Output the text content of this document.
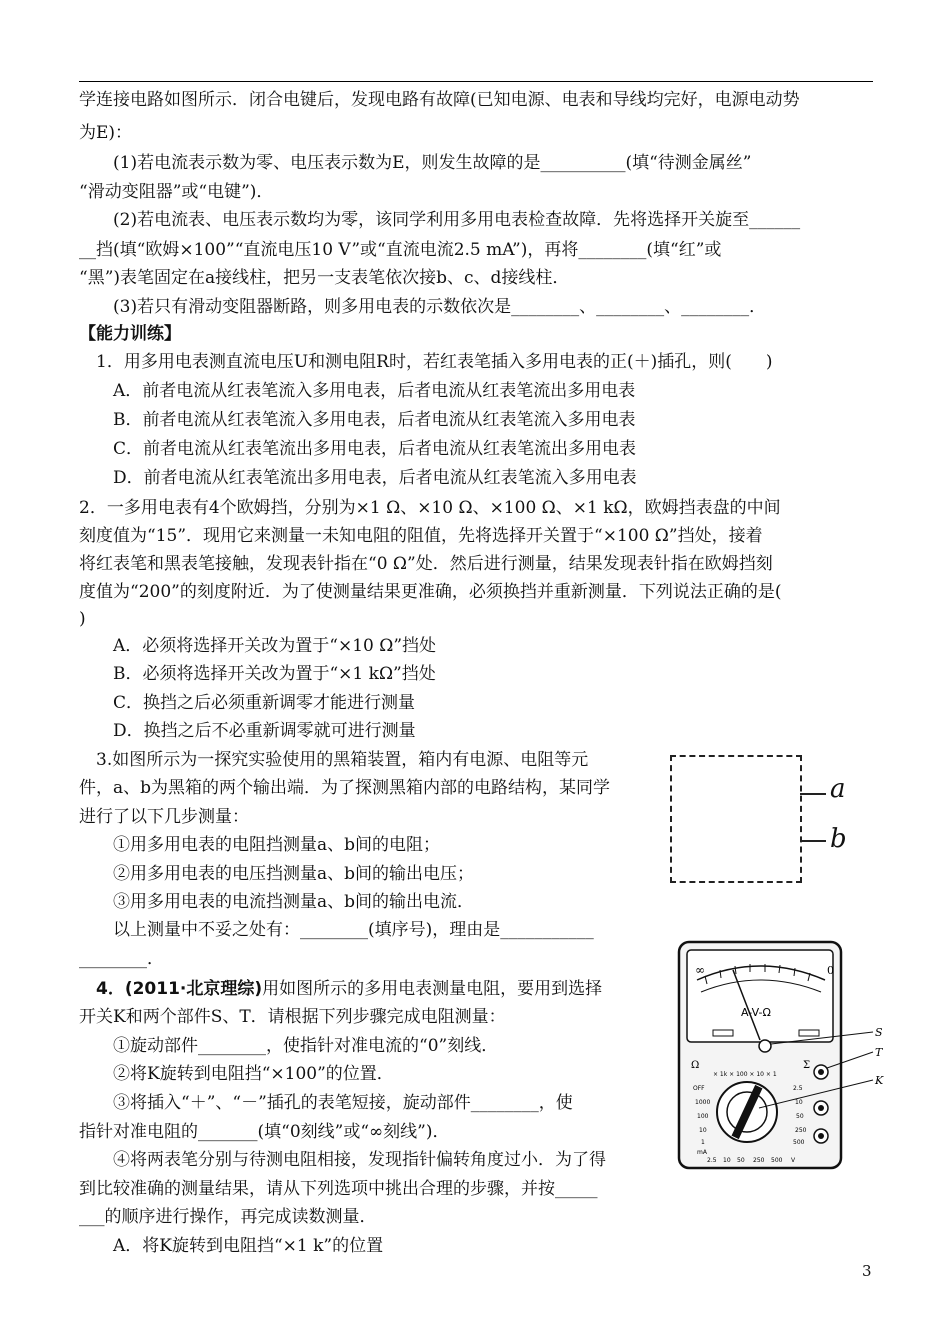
学连接电路如图所示．闭合电键后，发现电路有故障(已知电源、电表和导线均完好，电源电动势
为E)：
　　(1)若电流表示数为零、电压表示数为E，则发生故障的是__________(填“待测金属丝”
“滑动变阻器”或“电键”)．
　　(2)若电流表、电压表示数均为零，该同学利用多用电表检查故障．先将选择开关旋至______
__挡(填“欧姆×100”“直流电压10 V”或“直流电流2.5 mA”)，再将________(填“红”或
“黑”)表笔固定在a接线柱，把另一支表笔依次接b、c、d接线柱．
　　(3)若只有滑动变阻器断路，则多用电表的示数依次是________、________、________．
【能力训练】
　1．用多用电表测直流电压U和测电阻R时，若红表笔插入多用电表的正(＋)插孔，则(　　)
　　A．前者电流从红表笔流入多用电表，后者电流从红表笔流出多用电表
　　B．前者电流从红表笔流入多用电表，后者电流从红表笔流入多用电表
　　C．前者电流从红表笔流出多用电表，后者电流从红表笔流出多用电表
　　D．前者电流从红表笔流出多用电表，后者电流从红表笔流入多用电表
2．一多用电表有4个欧姆挡，分别为×1 Ω、×10 Ω、×100 Ω、×1 kΩ，欧姆挡表盘的中间
刻度值为“15”．现用它来测量一未知电阻的阻值，先将选择开关置于“×100 Ω”挡处，接着
将红表笔和黑表笔接触，发现表针指在“0 Ω”处．然后进行测量，结果发现表针指在欧姆挡刻
度值为“200”的刻度附近．为了使测量结果更准确，必须换挡并重新测量．下列说法正确的是(
)
　　A．必须将选择开关改为置于“×10 Ω”挡处
　　B．必须将选择开关改为置于“×1 kΩ”挡处
　　C．换挡之后必须重新调零才能进行测量
　　D．换挡之后不必重新调零就可进行测量
　3.如图所示为一探究实验使用的黑箱装置，箱内有电源、电阻等元
件，a、b为黑箱的两个输出端．为了探测黑箱内部的电路结构，某同学
进行了以下几步测量：
　　①用多用电表的电阻挡测量a、b间的电阻；
　　②用多用电表的电压挡测量a、b间的输出电压；
　　③用多用电表的电流挡测量a、b间的输出电流．
　　以上测量中不妥之处有：________(填序号)，理由是___________
________．
　4．(2011·北京理综)用如图所示的多用电表测量电阻，要用到选择
开关K和两个部件S、T．请根据下列步骤完成电阻测量：
　　①旋动部件________，使指针对准电流的“0”刻线．
　　②将K旋转到电阻挡“×100”的位置．
　　③将插入“＋”、“－”插孔的表笔短接，旋动部件________，使
指针对准电阻的_______(填“0刻线”或“∞刻线”)．
　　④将两表笔分别与待测电阻相接，发现指针偏转角度过小．为了得
到比较准确的测量结果，请从下列选项中挑出合理的步骤，并按_____
___的顺序进行操作，再完成读数测量．
　　A．将K旋转到电阻挡“×1 k”的位置
a
b
∞	0
A-V-Ω
S
Ω	Σ
× 1k × 100 × 10 × 1
OFF
1000
100
10
1
mA
2.5
10
50
250
500
2.5 10 50 250 500 V
T
K
3
